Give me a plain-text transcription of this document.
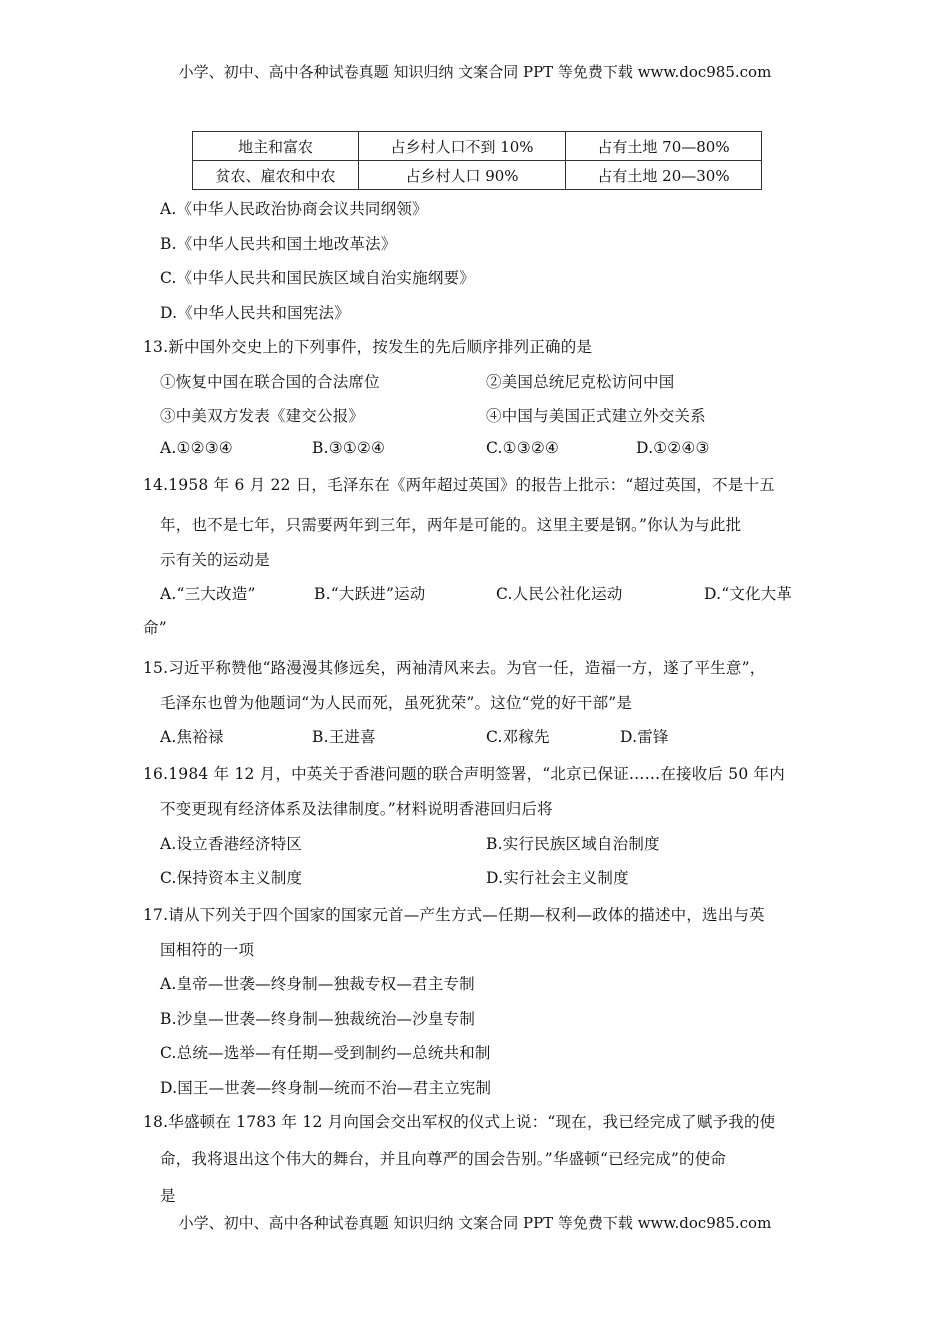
小学、初中、高中各种试卷真题 知识归纳 文案合同 PPT 等免费下载 www.doc985.com
地主和富农	占乡村人口不到 10%	占有土地 70—80%
贫农、雇农和中农	占乡村人口 90%	占有土地 20—30%
A.《中华人民政治协商会议共同纲领》
B.《中华人民共和国土地改革法》
C.《中华人民共和国民族区域自治实施纲要》
D.《中华人民共和国宪法》
13.新中国外交史上的下列事件，按发生的先后顺序排列正确的是
①恢复中国在联合国的合法席位	②美国总统尼克松访问中国
③中美双方发表《建交公报》	④中国与美国正式建立外交关系
A.①②③④	B.③①②④	C.①③②④	D.①②④③
14.1958 年 6 月 22 日，毛泽东在《两年超过英国》的报告上批示：“超过英国，不是十五
年，也不是七年，只需要两年到三年，两年是可能的。这里主要是钢。”你认为与此批
示有关的运动是
A.“三大改造”	B.“大跃进”运动	C.人民公社化运动	D.“文化大革
命”
15.习近平称赞他“路漫漫其修远矣，两袖清风来去。为官一任，造福一方，遂了平生意”，
毛泽东也曾为他题词“为人民而死，虽死犹荣”。这位“党的好干部”是
A.焦裕禄	B.王进喜	C.邓稼先	D.雷锋
16.1984 年 12 月，中英关于香港问题的联合声明签署，“北京已保证……在接收后 50 年内
不变更现有经济体系及法律制度。”材料说明香港回归后将
A.设立香港经济特区	B.实行民族区域自治制度
C.保持资本主义制度	D.实行社会主义制度
17.请从下列关于四个国家的国家元首—产生方式—任期—权利—政体的描述中，选出与英
国相符的一项
A.皇帝—世袭—终身制—独裁专权—君主专制
B.沙皇—世袭—终身制—独裁统治—沙皇专制
C.总统—选举—有任期—受到制约—总统共和制
D.国王—世袭—终身制—统而不治—君主立宪制
18.华盛顿在 1783 年 12 月向国会交出军权的仪式上说：“现在，我已经完成了赋予我的使
命，我将退出这个伟大的舞台，并且向尊严的国会告别。”华盛顿“已经完成”的使命
是
小学、初中、高中各种试卷真题 知识归纳 文案合同 PPT 等免费下载 www.doc985.com
